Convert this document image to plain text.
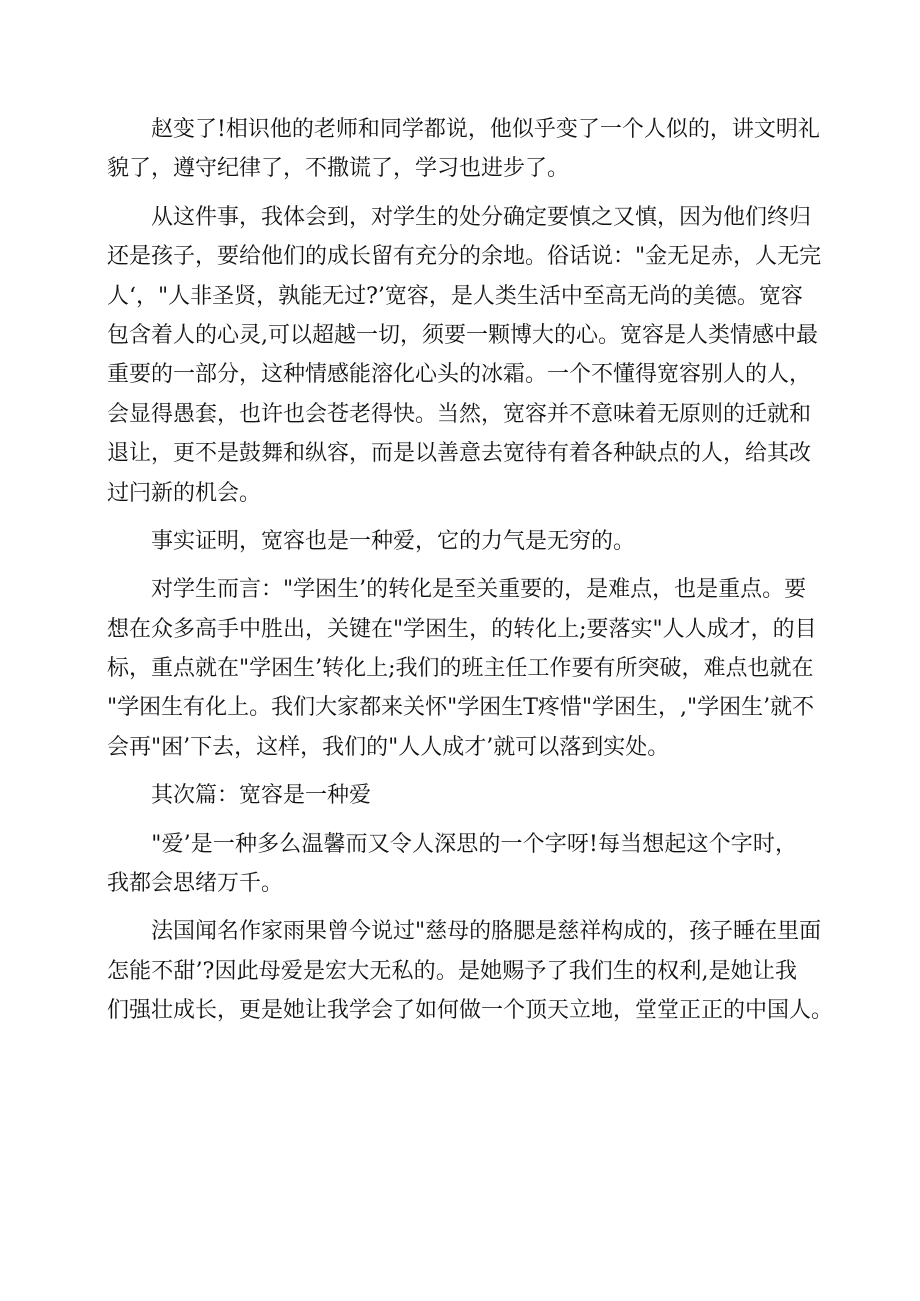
　　赵变了!相识他的老师和同学都说，他似乎变了一个人似的，讲文明礼
貌了，遵守纪律了，不撒谎了，学习也进步了。
　　从这件事，我体会到，对学生的处分确定要慎之又慎，因为他们终归
还是孩子，要给他们的成长留有充分的余地。俗话说："金无足赤，人无完
人‘，"人非圣贤，孰能无过?’宽容，是人类生活中至高无尚的美德。宽容
包含着人的心灵,可以超越一切，须要一颗博大的心。宽容是人类情感中最
重要的一部分，这种情感能溶化心头的冰霜。一个不懂得宽容别人的人，
会显得愚套，也许也会苍老得快。当然，宽容并不意味着无原则的迁就和
退让，更不是鼓舞和纵容，而是以善意去宽待有着各种缺点的人，给其改
过闩新的机会。
　　事实证明，宽容也是一种爱，它的力气是无穷的。
　　对学生而言："学困生’的转化是至关重要的，是难点，也是重点。要
想在众多高手中胜出，关键在"学困生，的转化上;要落实"人人成才，的目
标，重点就在"学困生’转化上;我们的班主任工作要有所突破，难点也就在
"学困生有化上。我们大家都来关怀"学困生T疼惜"学困生，,"学困生’就不
会再"困’下去，这样，我们的"人人成才’就可以落到实处。
　　其次篇：宽容是一种爱
　　"爱’是一种多么温馨而又令人深思的一个字呀!每当想起这个字时，
我都会思绪万千。
　　法国闻名作家雨果曾今说过"慈母的胳腮是慈祥构成的，孩子睡在里面
怎能不甜’?因此母爱是宏大无私的。是她赐予了我们生的权利,是她让我
们强壮成长，更是她让我学会了如何做一个顶天立地，堂堂正正的中国人。
